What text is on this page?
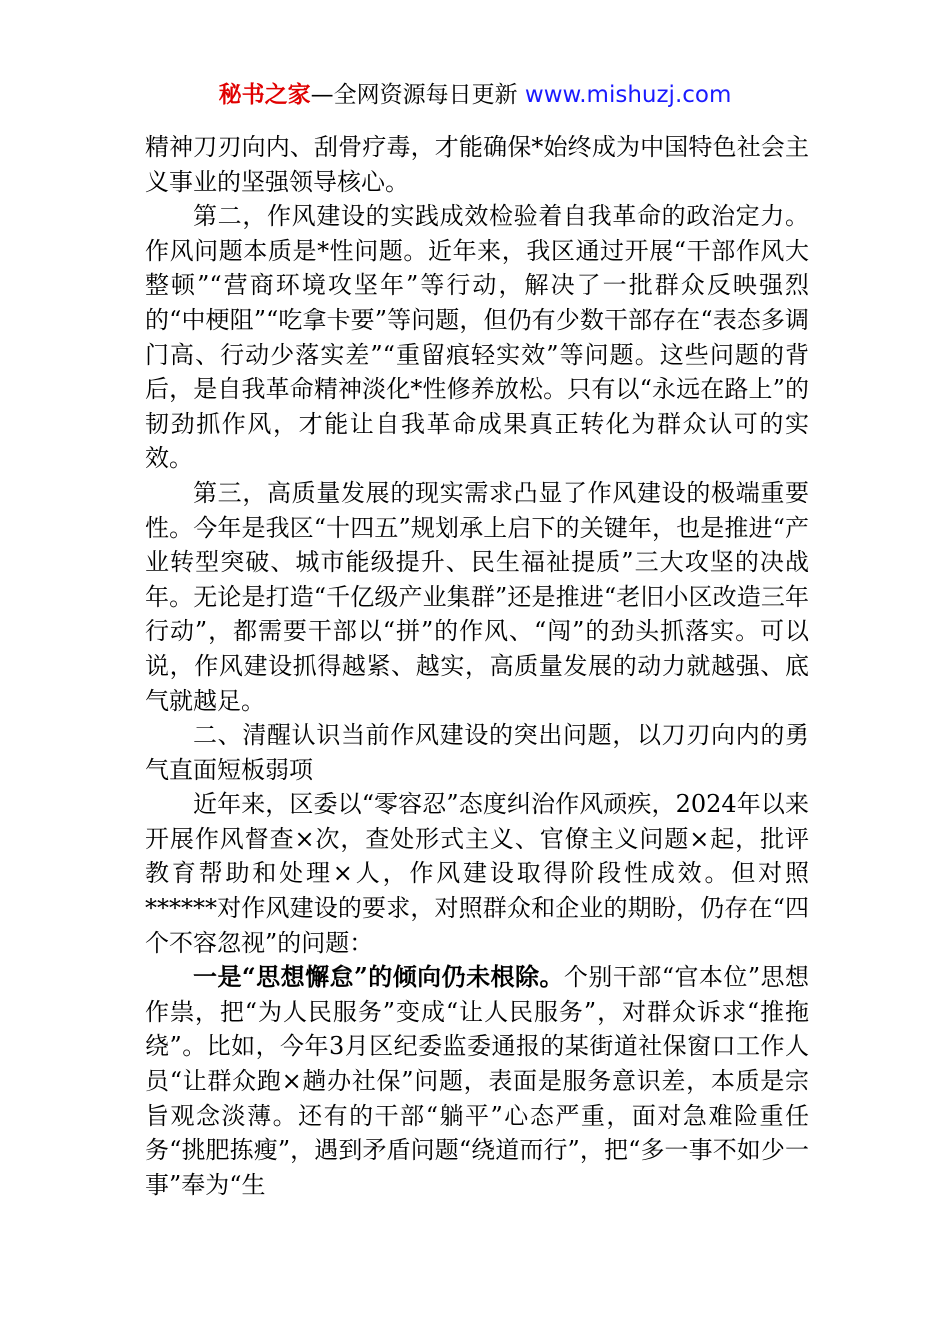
秘书之家—全网资源每日更新 www.mishuzj.com

精神刀刃向内、刮骨疗毒，才能确保*始终成为中国特色社会主义事业的坚强领导核心。

第二，作风建设的实践成效检验着自我革命的政治定力。作风问题本质是*性问题。近年来，我区通过开展“干部作风大整顿”“营商环境攻坚年”等行动，解决了一批群众反映强烈的“中梗阻”“吃拿卡要”等问题，但仍有少数干部存在“表态多调门高、行动少落实差”“重留痕轻实效”等问题。这些问题的背后，是自我革命精神淡化*性修养放松。只有以“永远在路上”的韧劲抓作风，才能让自我革命成果真正转化为群众认可的实效。

第三，高质量发展的现实需求凸显了作风建设的极端重要性。今年是我区“十四五”规划承上启下的关键年，也是推进“产业转型突破、城市能级提升、民生福祉提质”三大攻坚的决战年。无论是打造“千亿级产业集群”还是推进“老旧小区改造三年行动”，都需要干部以“拼”的作风、“闯”的劲头抓落实。可以说，作风建设抓得越紧、越实，高质量发展的动力就越强、底气就越足。

二、清醒认识当前作风建设的突出问题，以刀刃向内的勇气直面短板弱项

近年来，区委以“零容忍”态度纠治作风顽疾，2024年以来开展作风督查×次，查处形式主义、官僚主义问题×起，批评教育帮助和处理×人，作风建设取得阶段性成效。但对照******对作风建设的要求，对照群众和企业的期盼，仍存在“四个不容忽视”的问题：

一是“思想懈怠”的倾向仍未根除。个别干部“官本位”思想作祟，把“为人民服务”变成“让人民服务”，对群众诉求“推拖绕”。比如，今年3月区纪委监委通报的某街道社保窗口工作人员“让群众跑×趟办社保”问题，表面是服务意识差，本质是宗旨观念淡薄。还有的干部“躺平”心态严重，面对急难险重任务“挑肥拣瘦”，遇到矛盾问题“绕道而行”，把“多一事不如少一事”奉为“生
